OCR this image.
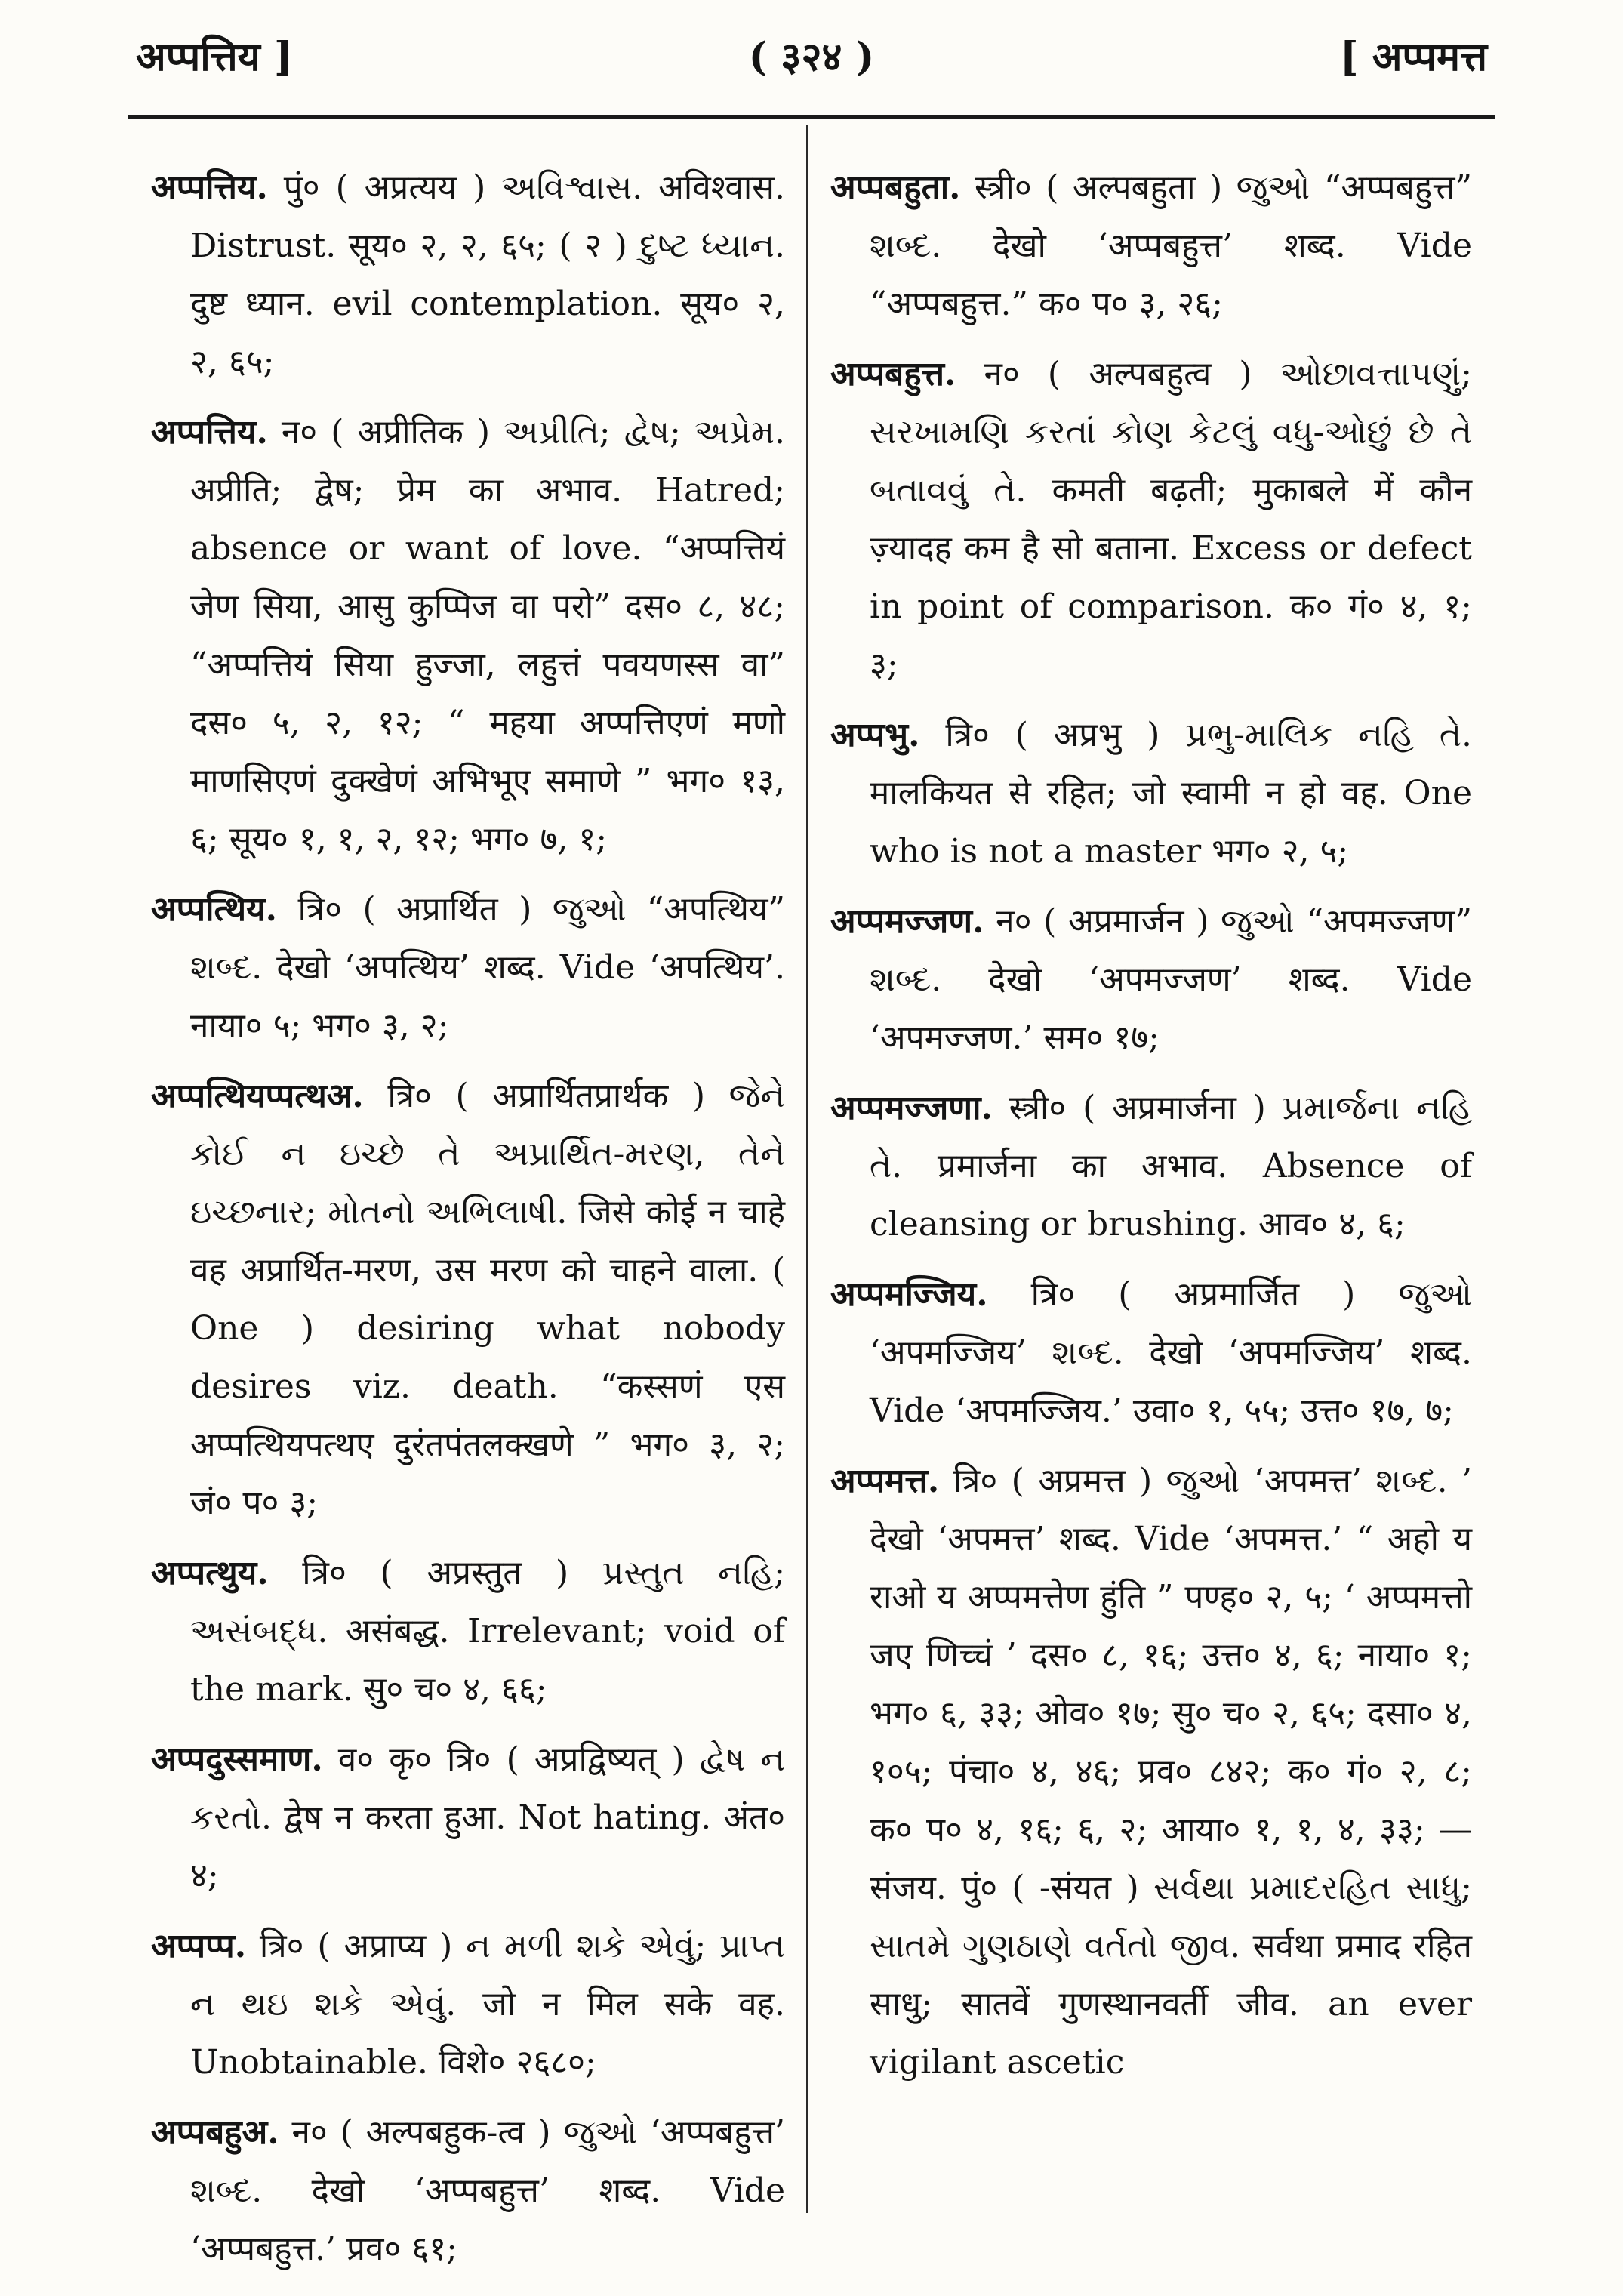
अप्पत्तिय ]	( ३२४ )	[ अप्पमत्त

अप्पत्तिय. पुं० ( अप्रत्यय ) અવિશ્વાસ. अविश्वास. Distrust. सूय० २, २, ६५; ( २ ) દુષ્ટ ધ્યાન. दुष्ट ध्यान. evil contemplation. सूय० २, २, ६५;

अप्पत्तिय. न० ( अप्रीतिक ) અપ્રીતિ; દ્વેષ; અપ્રેમ. अप्रीति; द्वेष; प्रेम का अभाव. Hatred; absence or want of love. “अप्पत्तियं जेण सिया, आसु कुप्पिज वा परो” दस० ८, ४८; “अप्पत्तियं सिया हुज्जा, लहुत्तं पवयणस्स वा” दस० ५, २, १२; “ महया अप्पत्तिएणं मणो माणसिएणं दुक्खेणं अभिभूए समाणे ” भग० १३, ६; सूय० १, १, २, १२; भग० ७, १;

अप्पत्थिय. त्रि० ( अप्रार्थित ) જુઓ “अपत्थिय” શબ્દ. देखो ‘अपत्थिय’ शब्द. Vide ‘अपत्थिय’. नाया० ५; भग० ३, २;

अप्पत्थियप्पत्थअ. त्रि० ( अप्रार्थितप्रार्थक ) જેને કોઈ ન ઇચ્છે તે અપ્રાર્થિત-મરણ, તેને ઇચ્છનાર; મોતનો અભિલાષી. जिसे कोई न चाहे वह अप्रार्थित-मरण, उस मरण को चाहने वाला. ( One ) desiring what nobody desires viz. death. “कस्सणं एस अप्पत्थियपत्थए दुरंतपंतलक्खणे ” भग० ३, २; जं० प० ३;

अप्पत्थुय. त्रि० ( अप्रस्तुत ) પ્રસ્તુત નહિ; અસંબદ્ધ. असंबद्ध. Irrelevant; void of the mark. सु० च० ४, ६६;

अप्पदुस्समाण. व० कृ० त्रि० ( अप्रद्विष्यत् ) દ્વેષ ન કરતો. द्वेष न करता हुआ. Not hating. अंत० ४;

अप्पप्प. त्रि० ( अप्राप्य ) ન મળી શકે એવું; પ્રાપ્ત ન થઇ શકે એવું. जो न मिल सके वह. Unobtainable. विशे० २६८०;

अप्पबहुअ. न० ( अल्पबहुक-त्व ) જુઓ ‘अप्पबहुत्त’ શબ્દ. देखो ‘अप्पबहुत्त’ शब्द. Vide ‘अप्पबहुत्त.’ प्रव० ६१;

अप्पबहुता. स्त्री० ( अल्पबहुता ) જુઓ “अप्पबहुत्त” શબ્દ. देखो ‘अप्पबहुत्त’ शब्द. Vide “अप्पबहुत्त.” क० प० ३, २६;

अप्पबहुत्त. न० ( अल्पबहुत्व ) ઓછાવત્તાપણું; સરખામણિ કરતાં કોણ કેટલું વધુ-ઓછું છે તે બતાવવું તે. कमती बढ़ती; मुकाबले में कौन ज़्यादह कम है सो बताना. Excess or defect in point of comparison. क० गं० ४, १; ३;

अप्पभु. त्रि० ( अप्रभु ) પ્રભુ-માલિક નહિ તે. मालकियत से रहित; जो स्वामी न हो वह. One who is not a master भग० २, ५;

अप्पमज्जण. न० ( अप्रमार्जन ) જુઓ “अपमज्जण” શબ્દ. देखो ‘अपमज्जण’ शब्द. Vide ‘अपमज्जण.’ सम० १७;

अप्पमज्जणा. स्त्री० ( अप्रमार्जना ) પ્રમાર્જના નહિ તે. प्रमार्जना का अभाव. Absence of cleansing or brushing. आव० ४, ६;

अप्पमज्जिय. त्रि० ( अप्रमार्जित ) જુઓ ‘अपमज्जिय’ શબ્દ. देखो ‘अपमज्जिय’ शब्द. Vide ‘अपमज्जिय.’ उवा० १, ५५; उत्त० १७, ७;

अप्पमत्त. त्रि० ( अप्रमत्त ) જુઓ ‘अपमत्त’ શબ્દ. ’ देखो ‘अपमत्त’ शब्द. Vide ‘अपमत्त.’ “ अहो य राओ य अप्पमत्तेण हुंति ” पण्ह० २, ५; ‘ अप्पमत्तो जए णिच्चं ’ दस० ८, १६; उत्त० ४, ६; नाया० १; भग० ६, ३३; ओव० १७; सु० च० २, ६५; दसा० ४, १०५; पंचा० ४, ४६; प्रव० ८४२; क० गं० २, ८; क० प० ४, १६; ६, २; आया० १, १, ४, ३३; —संजय. पुं० ( -संयत ) સર્વથા પ્રમાદરહિત સાધુ; સાતમે ગુણઠાણે વર્તતો જીવ. सर्वथा प्रमाद रहित साधु; सातवें गुणस्थानवर्ती जीव. an ever vigilant ascetic
